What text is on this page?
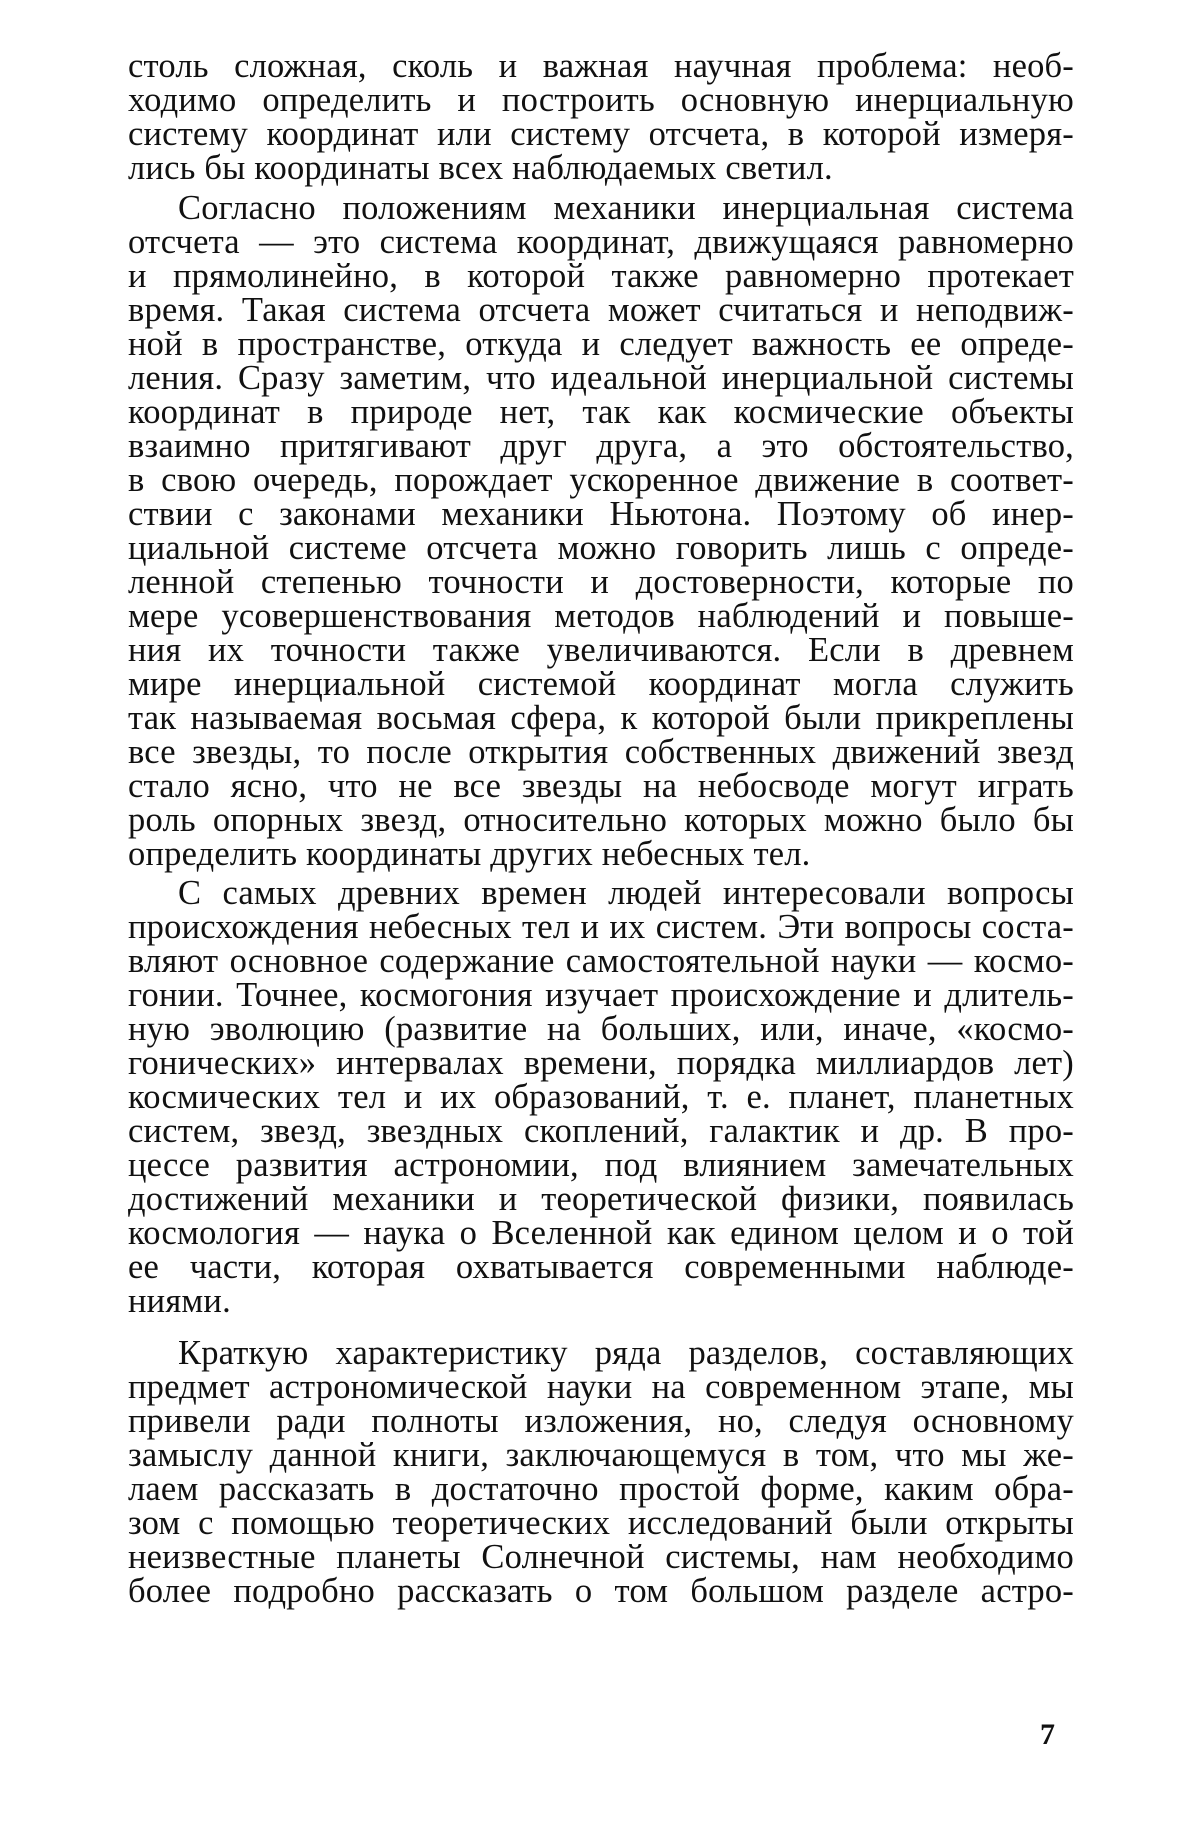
столь сложная, сколь и важная научная проблема: необ-
ходимо определить и построить основную инерциальную
систему координат или систему отсчета, в которой измеря-
лись бы координаты всех наблюдаемых светил.
Согласно положениям механики инерциальная система
отсчета — это система координат, движущаяся равномерно
и прямолинейно, в которой также равномерно протекает
время. Такая система отсчета может считаться и неподвиж-
ной в пространстве, откуда и следует важность ее опреде-
ления. Сразу заметим, что идеальной инерциальной системы
координат в природе нет, так как космические объекты
взаимно притягивают друг друга, а это обстоятельство,
в свою очередь, порождает ускоренное движение в соответ-
ствии с законами механики Ньютона. Поэтому об инер-
циальной системе отсчета можно говорить лишь с опреде-
ленной степенью точности и достоверности, которые по
мере усовершенствования методов наблюдений и повыше-
ния их точности также увеличиваются. Если в древнем
мире инерциальной системой координат могла служить
так называемая восьмая сфера, к которой были прикреплены
все звезды, то после открытия собственных движений звезд
стало ясно, что не все звезды на небосводе могут играть
роль опорных звезд, относительно которых можно было бы
определить координаты других небесных тел.
С самых древних времен людей интересовали вопросы
происхождения небесных тел и их систем. Эти вопросы соста-
вляют основное содержание самостоятельной науки — космо-
гонии. Точнее, космогония изучает происхождение и длитель-
ную эволюцию (развитие на больших, или, иначе, «космо-
гонических» интервалах времени, порядка миллиардов лет)
космических тел и их образований, т. е. планет, планетных
систем, звезд, звездных скоплений, галактик и др. В про-
цессе развития астрономии, под влиянием замечательных
достижений механики и теоретической физики, появилась
космология — наука о Вселенной как едином целом и о той
ее части, которая охватывается современными наблюде-
ниями.
Краткую характеристику ряда разделов, составляющих
предмет астрономической науки на современном этапе, мы
привели ради полноты изложения, но, следуя основному
замыслу данной книги, заключающемуся в том, что мы же-
лаем рассказать в достаточно простой форме, каким обра-
зом с помощью теоретических исследований были открыты
неизвестные планеты Солнечной системы, нам необходимо
более подробно рассказать о том большом разделе астро-
7
